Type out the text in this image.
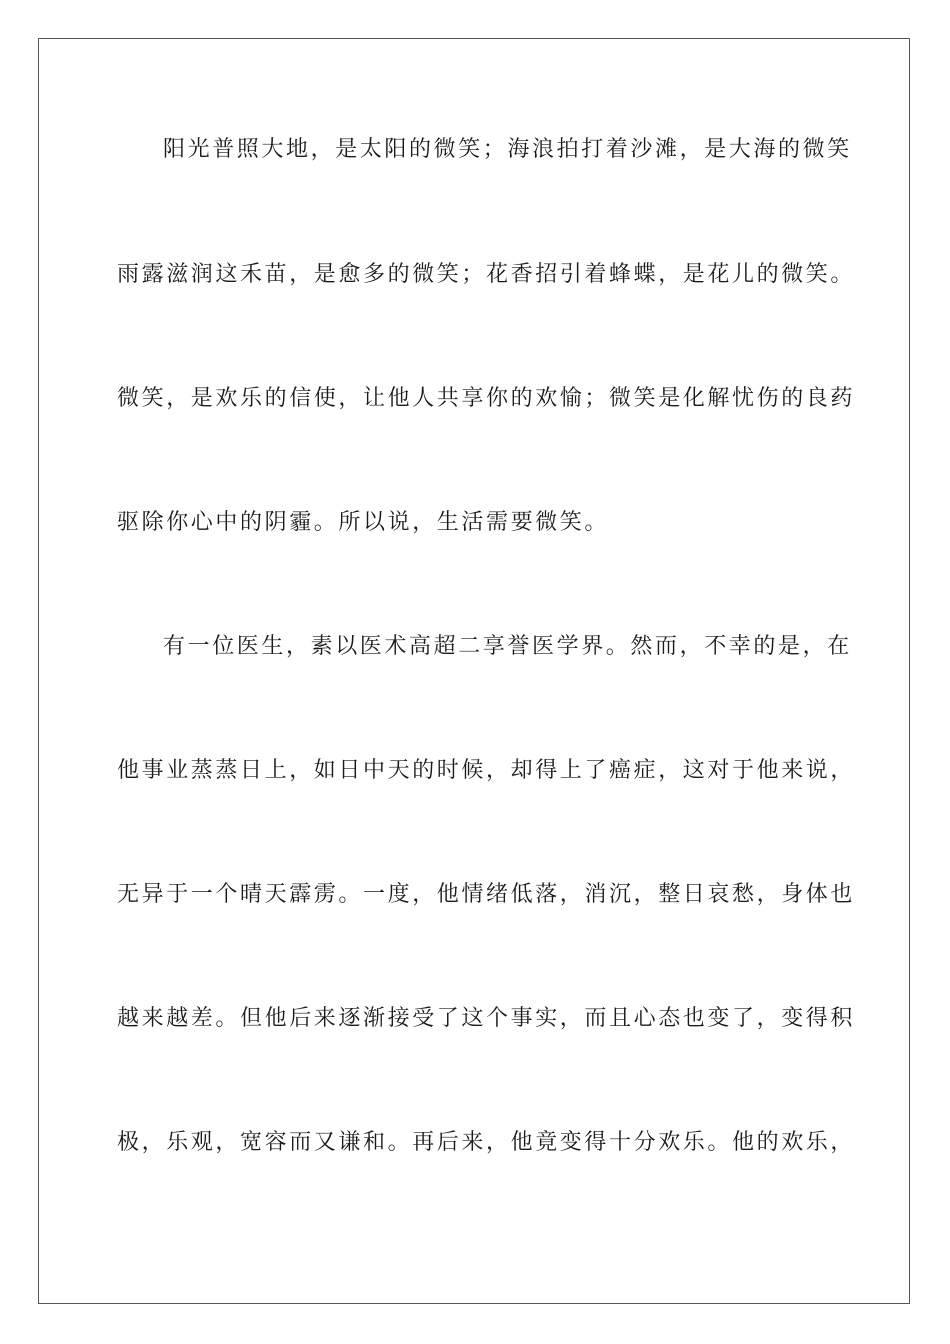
阳光普照大地，是太阳的微笑；海浪拍打着沙滩，是大海的微笑

雨露滋润这禾苗，是愈多的微笑；花香招引着蜂蝶，是花儿的微笑。

微笑，是欢乐的信使，让他人共享你的欢愉；微笑是化解忧伤的良药

驱除你心中的阴霾。所以说，生活需要微笑。

有一位医生，素以医术高超二享誉医学界。然而，不幸的是，在

他事业蒸蒸日上，如日中天的时候，却得上了癌症，这对于他来说，

无异于一个晴天霹雳。一度，他情绪低落，消沉，整日哀愁，身体也

越来越差。但他后来逐渐接受了这个事实，而且心态也变了，变得积

极，乐观，宽容而又谦和。再后来，他竟变得十分欢乐。他的欢乐，
